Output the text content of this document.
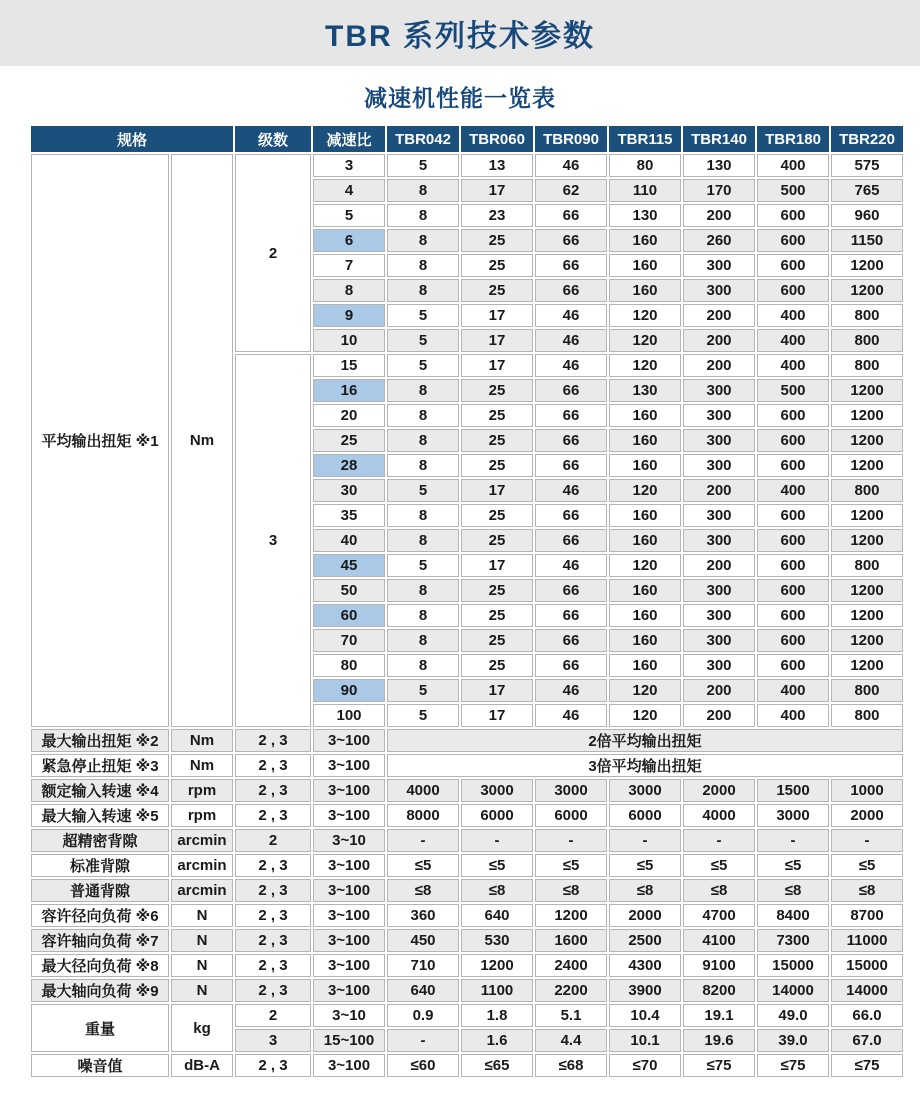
TBR 系列技术参数
减速机性能一览表
规格		级数	减速比	TBR042	TBR060	TBR090	TBR115	TBR140	TBR180	TBR220
平均输出扭矩 ※1	Nm	2	3	5	13	46	80	130	400	575
			4	8	17	62	110	170	500	765
			5	8	23	66	130	200	600	960
			6	8	25	66	160	260	600	1150
			7	8	25	66	160	300	600	1200
			8	8	25	66	160	300	600	1200
			9	5	17	46	120	200	400	800
			10	5	17	46	120	200	400	800
		3	15	5	17	46	120	200	400	800
			16	8	25	66	130	300	500	1200
			20	8	25	66	160	300	600	1200
			25	8	25	66	160	300	600	1200
			28	8	25	66	160	300	600	1200
			30	5	17	46	120	200	400	800
			35	8	25	66	160	300	600	1200
			40	8	25	66	160	300	600	1200
			45	5	17	46	120	200	600	800
			50	8	25	66	160	300	600	1200
			60	8	25	66	160	300	600	1200
			70	8	25	66	160	300	600	1200
			80	8	25	66	160	300	600	1200
			90	5	17	46	120	200	400	800
			100	5	17	46	120	200	400	800
最大输出扭矩 ※2	Nm	2 , 3	3~100	2倍平均输出扭矩						
紧急停止扭矩 ※3	Nm	2 , 3	3~100	3倍平均输出扭矩						
额定输入转速 ※4	rpm	2 , 3	3~100	4000	3000	3000	3000	2000	1500	1000
最大输入转速 ※5	rpm	2 , 3	3~100	8000	6000	6000	6000	4000	3000	2000
超精密背隙	arcmin	2	3~10	-	-	-	-	-	-	-
标准背隙	arcmin	2 , 3	3~100	≤5	≤5	≤5	≤5	≤5	≤5	≤5
普通背隙	arcmin	2 , 3	3~100	≤8	≤8	≤8	≤8	≤8	≤8	≤8
容许径向负荷 ※6	N	2 , 3	3~100	360	640	1200	2000	4700	8400	8700
容许轴向负荷 ※7	N	2 , 3	3~100	450	530	1600	2500	4100	7300	11000
最大径向负荷 ※8	N	2 , 3	3~100	710	1200	2400	4300	9100	15000	15000
最大轴向负荷 ※9	N	2 , 3	3~100	640	1100	2200	3900	8200	14000	14000
重量	kg	2	3~10	0.9	1.8	5.1	10.4	19.1	49.0	66.0
		3	15~100	-	1.6	4.4	10.1	19.6	39.0	67.0
噪音值	dB-A	2 , 3	3~100	≤60	≤65	≤68	≤70	≤75	≤75	≤75
